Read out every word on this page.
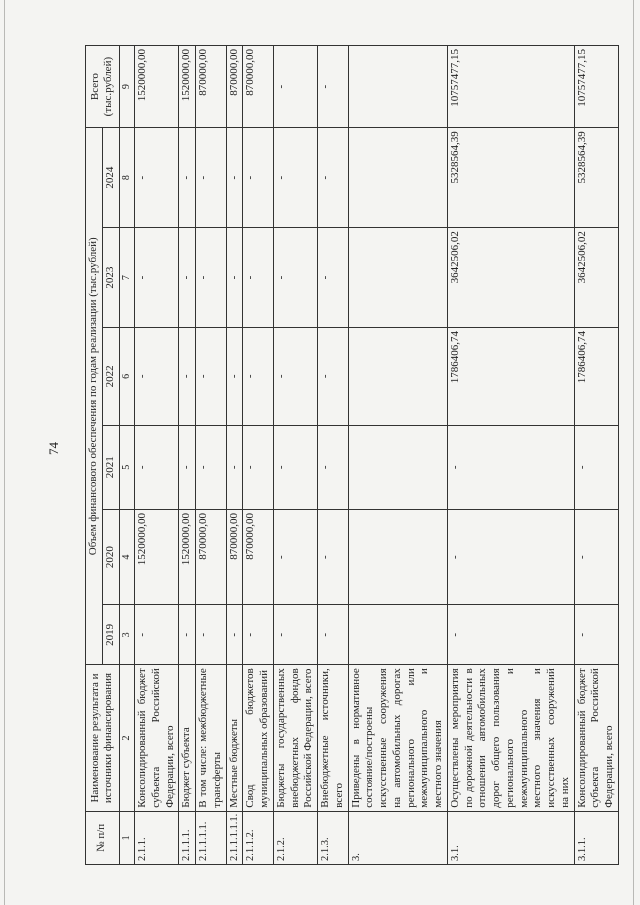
74
№ п/п	Наименование результата и источники финансирования	Объем финансового обеспечения по годам реализации (тыс.рублей)						Всего (тыс.рублей)
		2019	2020	2021	2022	2023	2024	
1	2	3	4	5	6	7	8	9
2.1.1.	Консолидированный бюджет субъекта Российской Федерации, всего	-	1520000,00	-	-	-	-	1520000,00
2.1.1.1.	Бюджет субъекта	-	1520000,00	-	-	-	-	1520000,00
2.1.1.1.1.	В том числе: межбюджетные трансферты	-	870000,00	-	-	-	-	870000,00
2.1.1.1.1.1.	Местные бюджеты	-	870000,00	-	-	-	-	870000,00
2.1.1.2.	Свод бюджетов муниципальных образований	-	870000,00	-	-	-	-	870000,00
2.1.2.	Бюджеты государственных внебюджетных фондов Российской Федерации, всего	-	-	-	-	-	-	-
2.1.3.	Внебюджетные источники, всего	-	-	-	-	-	-	-
3.	Приведены в нормативное состояние/построены искусственные сооружения на автомобильных дорогах регионального или межмуниципального и местного значения							
3.1.	Осуществлены мероприятия по дорожной деятельности в отношении автомобильных дорог общего пользования регионального и межмуниципального местного значения и искусственных сооружений на них	-	-	-	1786406,74	3642506,02	5328564,39	10757477,15
3.1.1.	Консолидированный бюджет субъекта Российской Федерации, всего	-	-	-	1786406,74	3642506,02	5328564,39	10757477,15
